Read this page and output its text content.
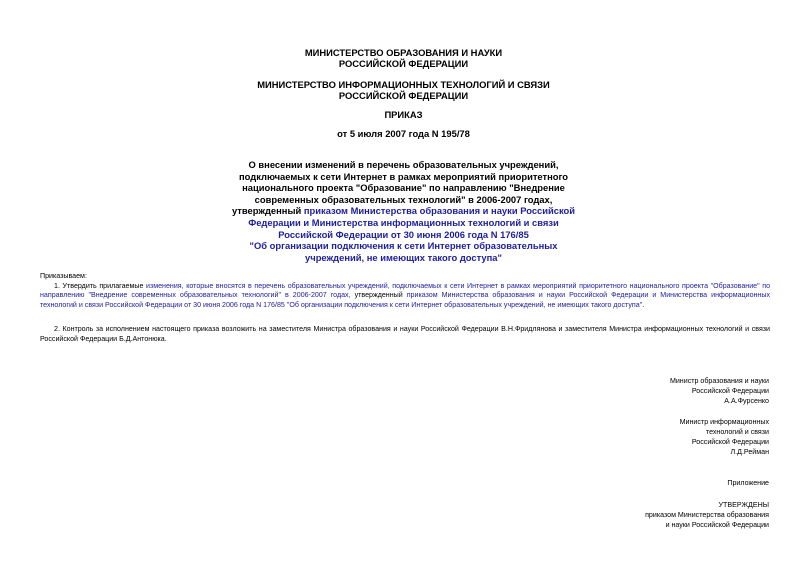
МИНИСТЕРСТВО ОБРАЗОВАНИЯ И НАУКИ
РОССИЙСКОЙ ФЕДЕРАЦИИ
МИНИСТЕРСТВО ИНФОРМАЦИОННЫХ ТЕХНОЛОГИЙ И СВЯЗИ
РОССИЙСКОЙ ФЕДЕРАЦИИ
ПРИКАЗ
от 5 июля 2007 года N 195/78
О внесении изменений в перечень образовательных учреждений,
подключаемых к сети Интернет в рамках мероприятий приоритетного
национального проекта "Образование" по направлению "Внедрение
современных образовательных технологий" в 2006-2007 годах,
утвержденный приказом Министерства образования и науки Российской
Федерации и Министерства информационных технологий и связи
Российской Федерации от 30 июня 2006 года N 176/85
"Об организации подключения к сети Интернет образовательных
учреждений, не имеющих такого доступа"
Приказываем:

1. Утвердить прилагаемые изменения, которые вносятся в перечень образовательных учреждений, подключаемых к сети Интернет в рамках мероприятий приоритетного национального проекта "Образование" по направлению "Внедрение современных образовательных технологий" в 2006-2007 годах, утвержденный приказом Министерства образования и науки Российской Федерации и Министерства информационных технологий и связи Российской Федерации от 30 июня 2006 года N 176/85 "Об организации подключения к сети Интернет образовательных учреждений, не имеющих такого доступа".

2. Контроль за исполнением настоящего приказа возложить на заместителя Министра образования и науки Российской Федерации В.Н.Фридлянова и заместителя Министра информационных технологий и связи Российской Федерации Б.Д.Антонюка.

Министр образования и науки
Российской Федерации
А.А.Фурсенко
Министр информационных
технологий и связи
Российской Федерации
Л.Д.Рейман
Приложение
УТВЕРЖДЕНЫ
приказом Министерства образования
и науки Российской Федерации
